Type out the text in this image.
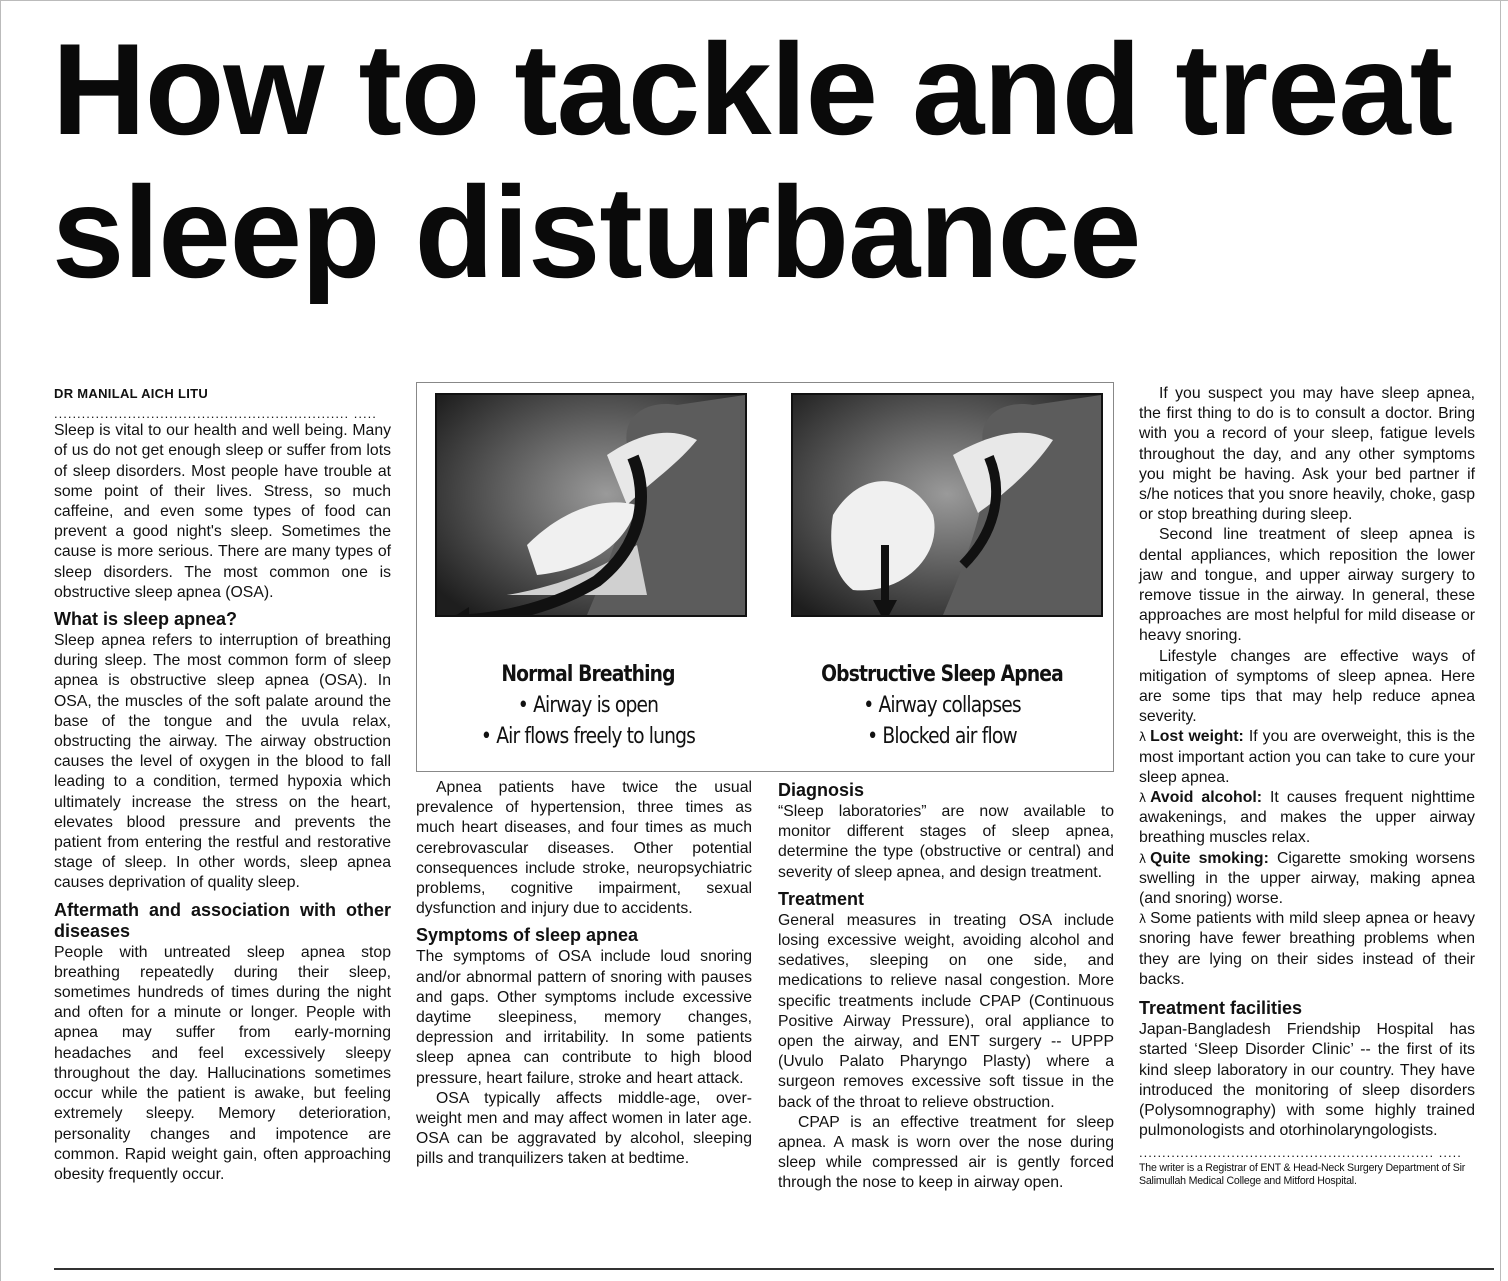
How to tackle and treat
sleep disturbance
DR MANILAL AICH LITU
................................................................ .....

Sleep is vital to our health and well being. Many of us do not get enough sleep or suffer from lots of sleep disorders. Most people have trouble at some point of their lives. Stress, so much caffeine, and even some types of food can prevent a good night's sleep. Sometimes the cause is more serious. There are many types of sleep disorders. The most common one is obstructive sleep apnea (OSA).

What is sleep apnea?

Sleep apnea refers to interruption of breathing during sleep. The most common form of sleep apnea is obstructive sleep apnea (OSA). In OSA, the muscles of the soft palate around the base of the tongue and the uvula relax, obstructing the airway. The airway obstruction causes the level of oxygen in the blood to fall leading to a condition, termed hypoxia which ultimately increase the stress on the heart, elevates blood pressure and prevents the patient from entering the restful and restorative stage of sleep. In other words, sleep apnea causes deprivation of quality sleep.

Aftermath and association with other diseases

People with untreated sleep apnea stop breathing repeatedly during their sleep, sometimes hundreds of times during the night and often for a minute or longer. People with apnea may suffer from early-morning headaches and feel excessively sleepy throughout the day. Hallucinations sometimes occur while the patient is awake, but feeling extremely sleepy. Memory deterioration, personality changes and impotence are common. Rapid weight gain, often approaching obesity frequently occur.

Normal Breathing
• Airway is open
• Air flows freely to lungs
Obstructive Sleep Apnea
• Airway collapses
• Blocked air flow

Apnea patients have twice the usual prevalence of hypertension, three times as much heart diseases, and four times as much cerebrovascular diseases. Other potential consequences include stroke, neuropsychiatric problems, cognitive impairment, sexual dysfunction and injury due to accidents.

Symptoms of sleep apnea

The symptoms of OSA include loud snoring and/or abnormal pattern of snoring with pauses and gaps. Other symptoms include excessive daytime sleepiness, memory changes, depression and irritability. In some patients sleep apnea can contribute to high blood pressure, heart failure, stroke and heart attack.

OSA typically affects middle-age, over-weight men and may affect women in later age. OSA can be aggravated by alcohol, sleeping pills and tranquilizers taken at bedtime.

Diagnosis

“Sleep laboratories” are now available to monitor different stages of sleep apnea, determine the type (obstructive or central) and severity of sleep apnea, and design treatment.

Treatment

General measures in treating OSA include losing excessive weight, avoiding alcohol and sedatives, sleeping on one side, and medications to relieve nasal congestion. More specific treatments include CPAP (Continuous Positive Airway Pressure), oral appliance to open the airway, and ENT surgery -- UPPP (Uvulo Palato Pharyngo Plasty) where a surgeon removes excessive soft tissue in the back of the throat to relieve obstruction.

CPAP is an effective treatment for sleep apnea. A mask is worn over the nose during sleep while compressed air is gently forced through the nose to keep in airway open.

If you suspect you may have sleep apnea, the first thing to do is to consult a doctor. Bring with you a record of your sleep, fatigue levels throughout the day, and any other symptoms you might be having. Ask your bed partner if s/he notices that you snore heavily, choke, gasp or stop breathing during sleep.

Second line treatment of sleep apnea is dental appliances, which reposition the lower jaw and tongue, and upper airway surgery to remove tissue in the airway. In general, these approaches are most helpful for mild disease or heavy snoring.

Lifestyle changes are effective ways of mitigation of symptoms of sleep apnea. Here are some tips that may help reduce apnea severity.

λ Lost weight: If you are overweight, this is the most important action you can take to cure your sleep apnea.

λ Avoid alcohol: It causes frequent nighttime awakenings, and makes the upper airway breathing muscles relax.

λ Quite smoking: Cigarette smoking worsens swelling in the upper airway, making apnea (and snoring) worse.

λ Some patients with mild sleep apnea or heavy snoring have fewer breathing problems when they are lying on their sides instead of their backs.

Treatment facilities

Japan-Bangladesh Friendship Hospital has started ‘Sleep Disorder Clinic’ -- the first of its kind sleep laboratory in our country. They have introduced the monitoring of sleep disorders (Polysomnography) with some highly trained pulmonologists and otorhinolaryngologists.

................................................................ .....
The writer is a Registrar of ENT & Head-Neck Surgery Department of Sir Salimullah Medical College and Mitford Hospital.
